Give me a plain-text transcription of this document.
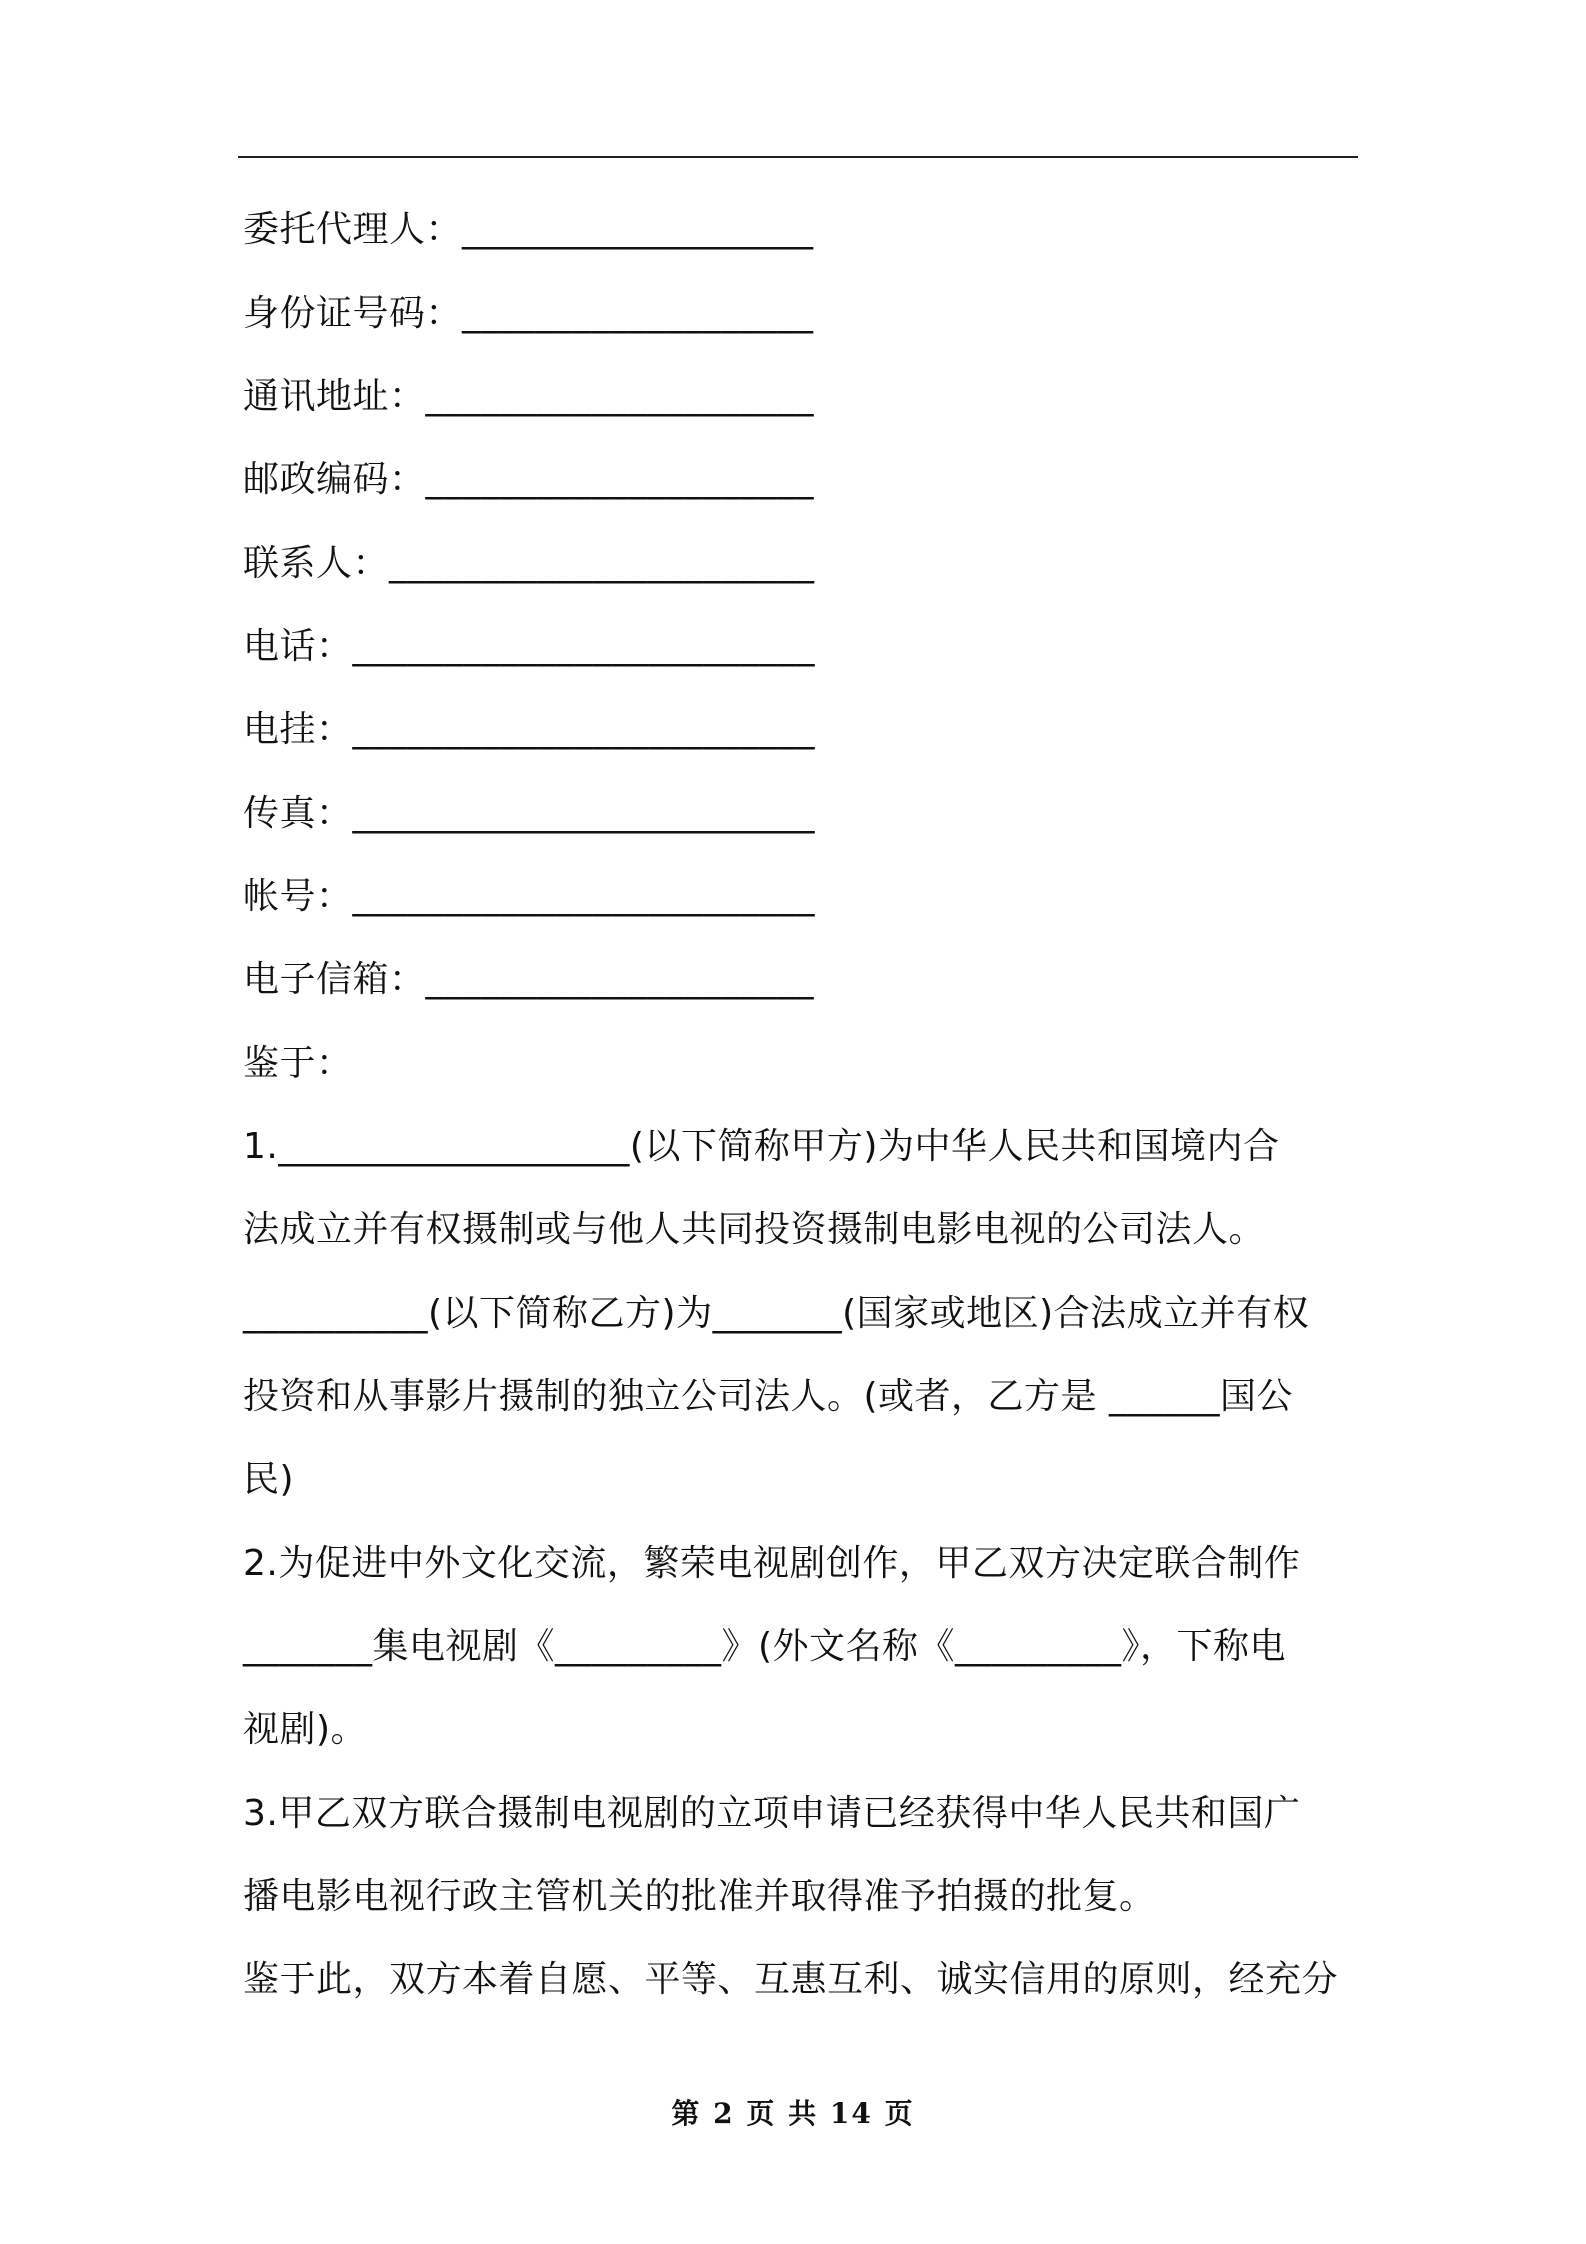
委托代理人：___________________
身份证号码：___________________
通讯地址：_____________________
邮政编码：_____________________
联系人：_______________________
电话：_________________________
电挂：_________________________
传真：_________________________
帐号：_________________________
电子信箱：_____________________
鉴于：
1.___________________(以下简称甲方)为中华人民共和国境内合
法成立并有权摄制或与他人共同投资摄制电影电视的公司法人。
__________(以下简称乙方)为_______(国家或地区)合法成立并有权
投资和从事影片摄制的独立公司法人。(或者，乙方是 ______国公
民)
2.为促进中外文化交流，繁荣电视剧创作，甲乙双方决定联合制作
_______集电视剧《_________》(外文名称《_________》，下称电
视剧)。
3.甲乙双方联合摄制电视剧的立项申请已经获得中华人民共和国广
播电影电视行政主管机关的批准并取得准予拍摄的批复。
鉴于此，双方本着自愿、平等、互惠互利、诚实信用的原则，经充分
第 2 页 共 14 页
